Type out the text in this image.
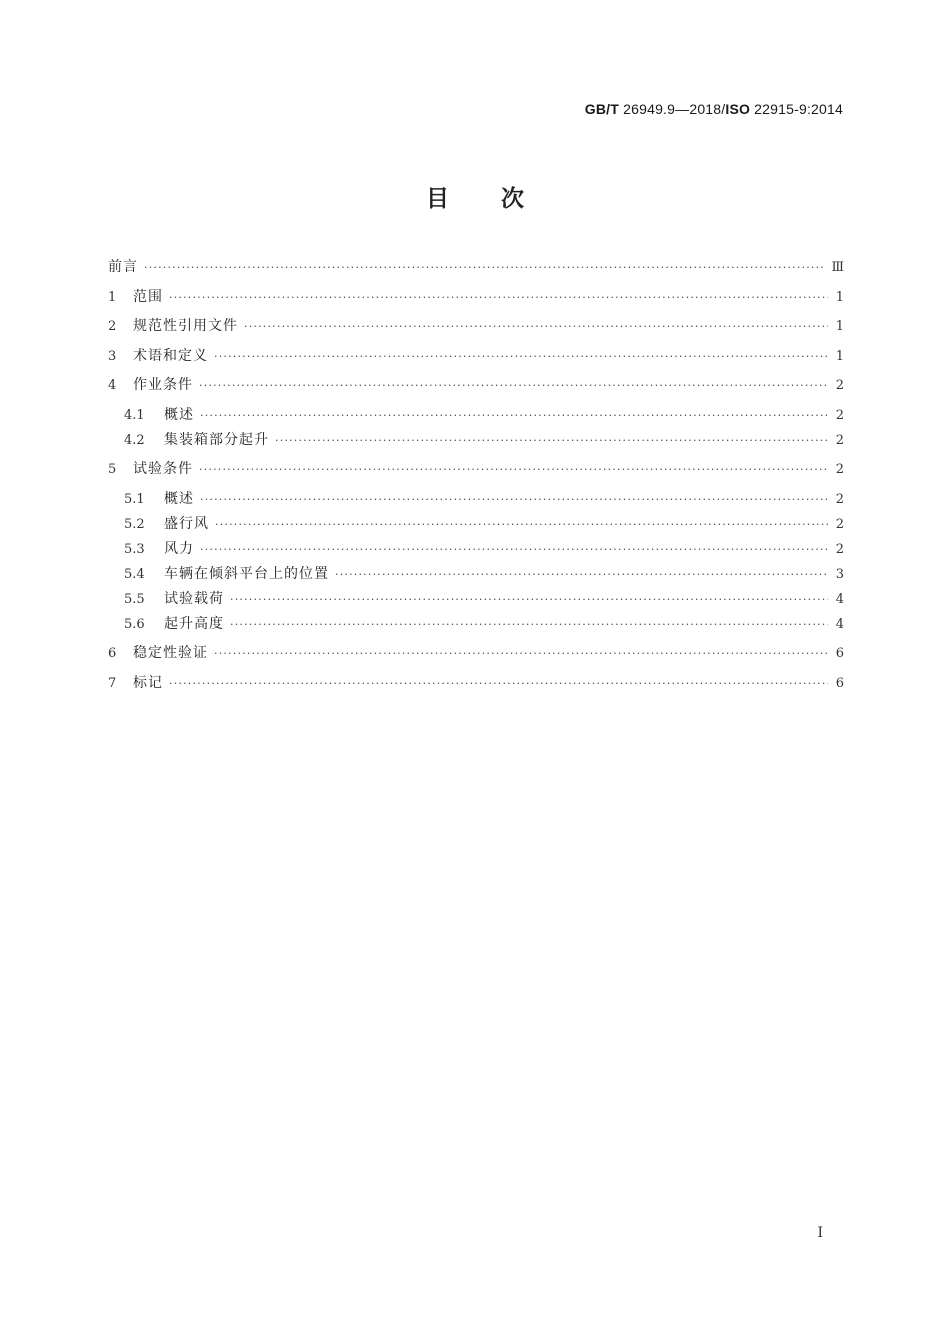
GB/T 26949.9—2018/ISO 22915-9:2014
目次
前言 ·····	Ⅲ
1	范围 ·····	1
2	规范性引用文件 ·····	1
3	术语和定义 ·····	1
4	作业条件 ·····	2
4.1	概述 ·····	2
4.2	集装箱部分起升 ·····	2
5	试验条件 ·····	2
5.1	概述 ·····	2
5.2	盛行风 ·····	2
5.3	风力 ·····	2
5.4	车辆在倾斜平台上的位置 ·····	3
5.5	试验载荷 ·····	4
5.6	起升高度 ·····	4
6	稳定性验证 ·····	6
7	标记 ·····	6
I
